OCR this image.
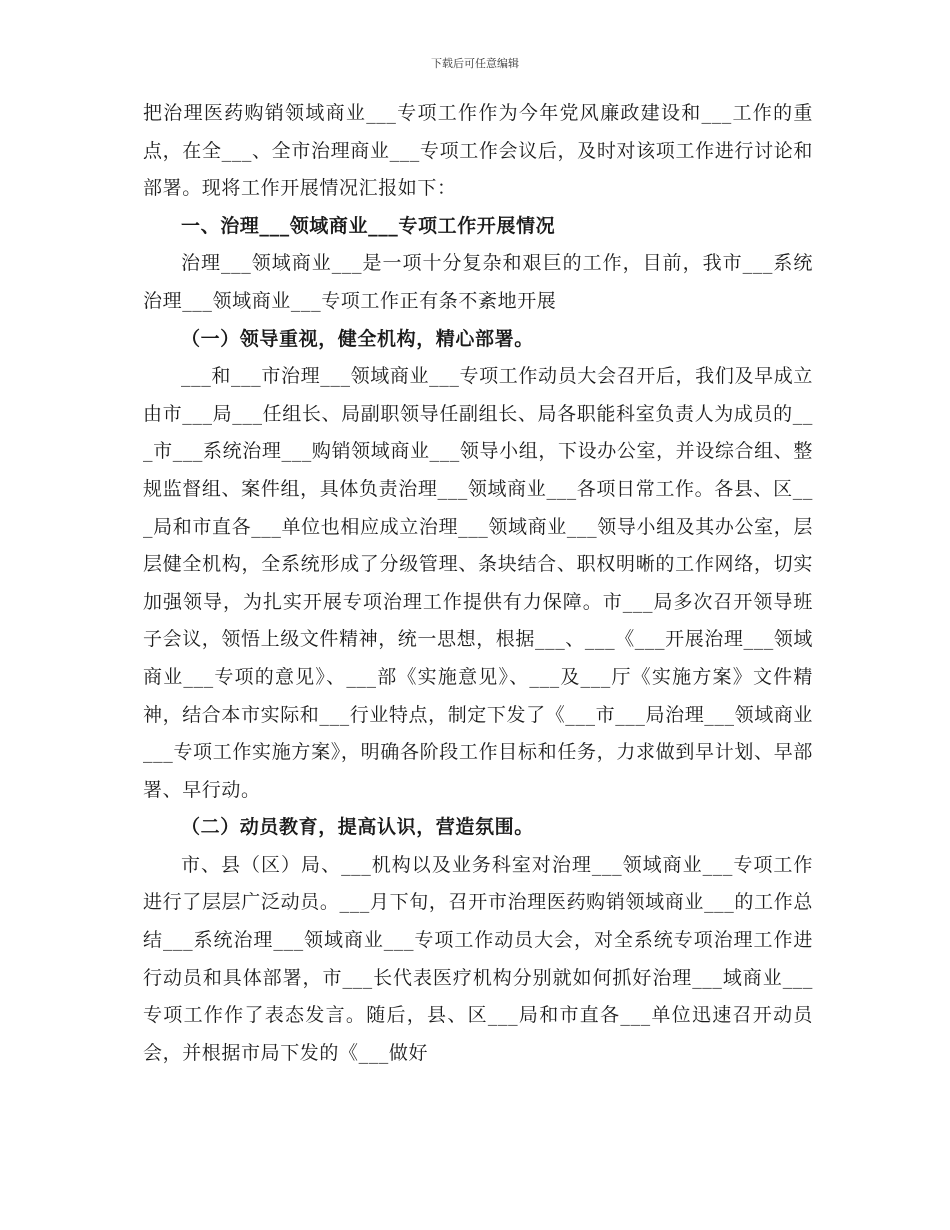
下载后可任意编辑

把治理医药购销领域商业___专项工作作为今年党风廉政建设和___工作的重点，在全___、全市治理商业___专项工作会议后，及时对该项工作进行讨论和部署。现将工作开展情况汇报如下：

一、治理___领域商业___专项工作开展情况

治理___领域商业___是一项十分复杂和艰巨的工作，目前，我市___系统治理___领域商业___专项工作正有条不紊地开展

（一）领导重视，健全机构，精心部署。

___和___市治理___领域商业___专项工作动员大会召开后，我们及早成立由市___局___任组长、局副职领导任副组长、局各职能科室负责人为成员的___市___系统治理___购销领域商业___领导小组，下设办公室，并设综合组、整规监督组、案件组，具体负责治理___领域商业___各项日常工作。各县、区___局和市直各___单位也相应成立治理___领域商业___领导小组及其办公室，层层健全机构，全系统形成了分级管理、条块结合、职权明晰的工作网络，切实加强领导，为扎实开展专项治理工作提供有力保障。市___局多次召开领导班子会议，领悟上级文件精神，统一思想，根据___、___《___开展治理___领域商业___专项的意见》、___部《实施意见》、___及___厅《实施方案》文件精神，结合本市实际和___行业特点，制定下发了《___市___局治理___领域商业___专项工作实施方案》，明确各阶段工作目标和任务，力求做到早计划、早部署、早行动。

（二）动员教育，提高认识，营造氛围。

市、县（区）局、___机构以及业务科室对治理___领域商业___专项工作进行了层层广泛动员。___月下旬，召开市治理医药购销领域商业___的工作总结___系统治理___领域商业___专项工作动员大会，对全系统专项治理工作进行动员和具体部署，市___长代表医疗机构分别就如何抓好治理___域商业___专项工作作了表态发言。随后，县、区___局和市直各___单位迅速召开动员会，并根据市局下发的《___做好
